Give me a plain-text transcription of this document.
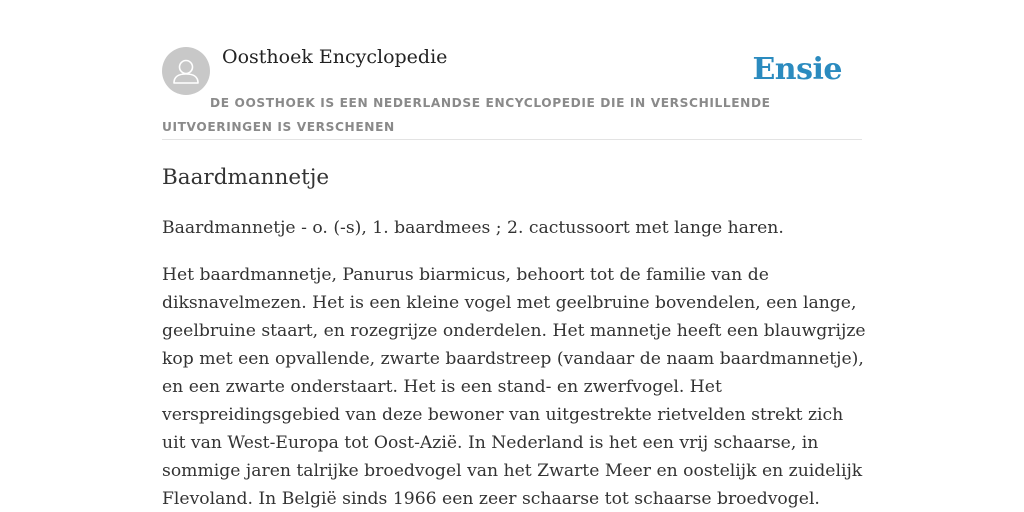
Oosthoek Encyclopedie	Ensie
DE OOSTHOEK IS EEN NEDERLANDSE ENCYCLOPEDIE DIE IN VERSCHILLENDE UITVOERINGEN IS VERSCHENEN
Baardmannetje

Baardmannetje - o. (-s), 1. baardmees ; 2. cactussoort met lange haren.

Het baardmannetje, Panurus biarmicus, behoort tot de familie van de diksnavelmezen. Het is een kleine vogel met geelbruine bovendelen, een lange, geelbruine staart, en rozegrijze onderdelen. Het mannetje heeft een blauwgrijze kop met een opvallende, zwarte baardstreep (vandaar de naam baardmannetje), en een zwarte onderstaart. Het is een stand- en zwerfvogel. Het verspreidingsgebied van deze bewoner van uitgestrekte rietvelden strekt zich uit van West-Europa tot Oost-Azië. In Nederland is het een vrij schaarse, in sommige jaren talrijke broedvogel van het Zwarte Meer en oostelijk en zuidelijk Flevoland. In België sinds 1966 een zeer schaarse tot schaarse broedvogel.
